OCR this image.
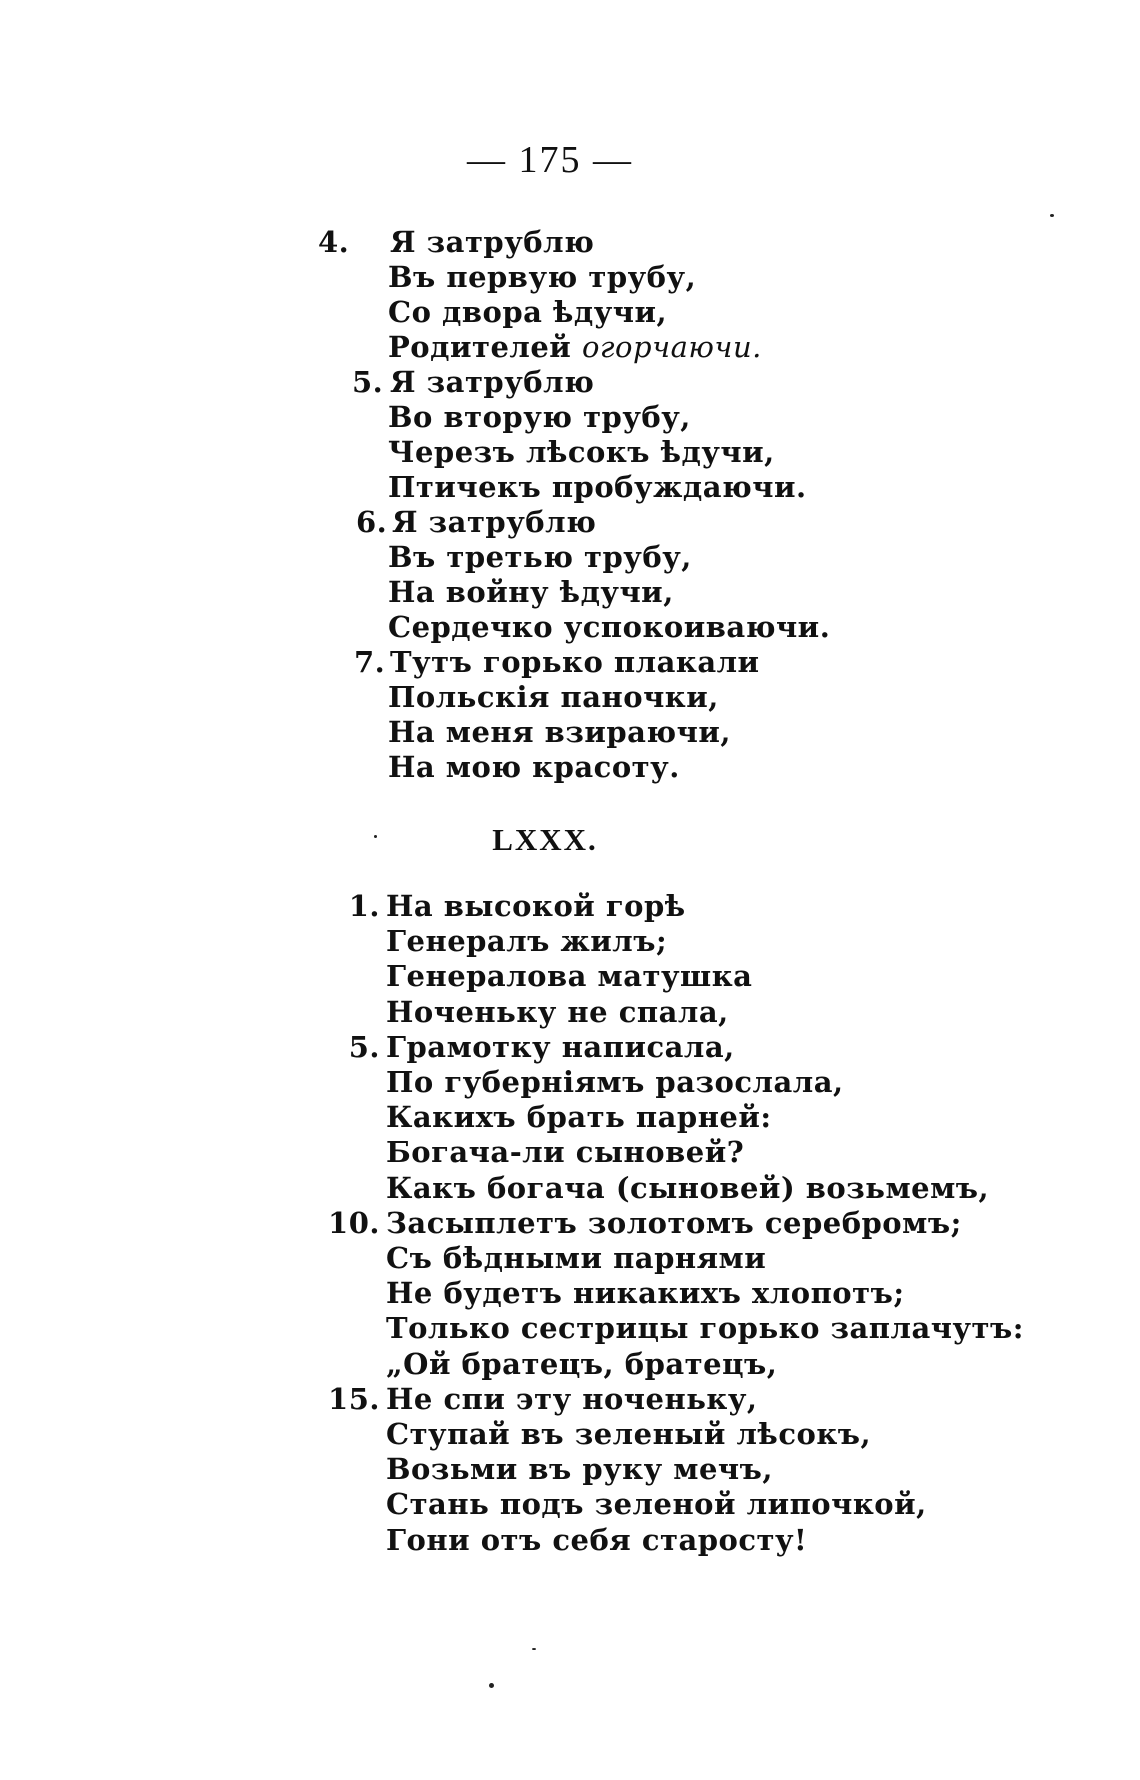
— 175 —
4.	Я затрублю
Въ первую трубу,
Со двора ѣдучи,
Родителей огорчаючи.
5. Я затрублю
Во вторую трубу,
Черезъ лѣсокъ ѣдучи,
Птичекъ пробуждаючи.
6. Я затрублю
Въ третью трубу,
На войну ѣдучи,
Сердечко успокоиваючи.
7. Тутъ горько плакали
Польскія паночки,
На меня взираючи,
На мою красоту.
LXXX.
1. На высокой горѣ
Генералъ жилъ;
Генералова матушка
Ноченьку не спала,
5. Грамотку написала,
По губерніямъ разослала,
Какихъ брать парней:
Богача-ли сыновей?
Какъ богача (сыновей) возьмемъ,
10. Засыплетъ золотомъ серебромъ;
Съ бѣдными парнями
Не будетъ никакихъ хлопотъ;
Только сестрицы горько заплачутъ:
„Ой братецъ, братецъ,
15. Не спи эту ноченьку,
Ступай въ зеленый лѣсокъ,
Возьми въ руку мечъ,
Стань подъ зеленой липочкой,
Гони отъ себя старосту!
